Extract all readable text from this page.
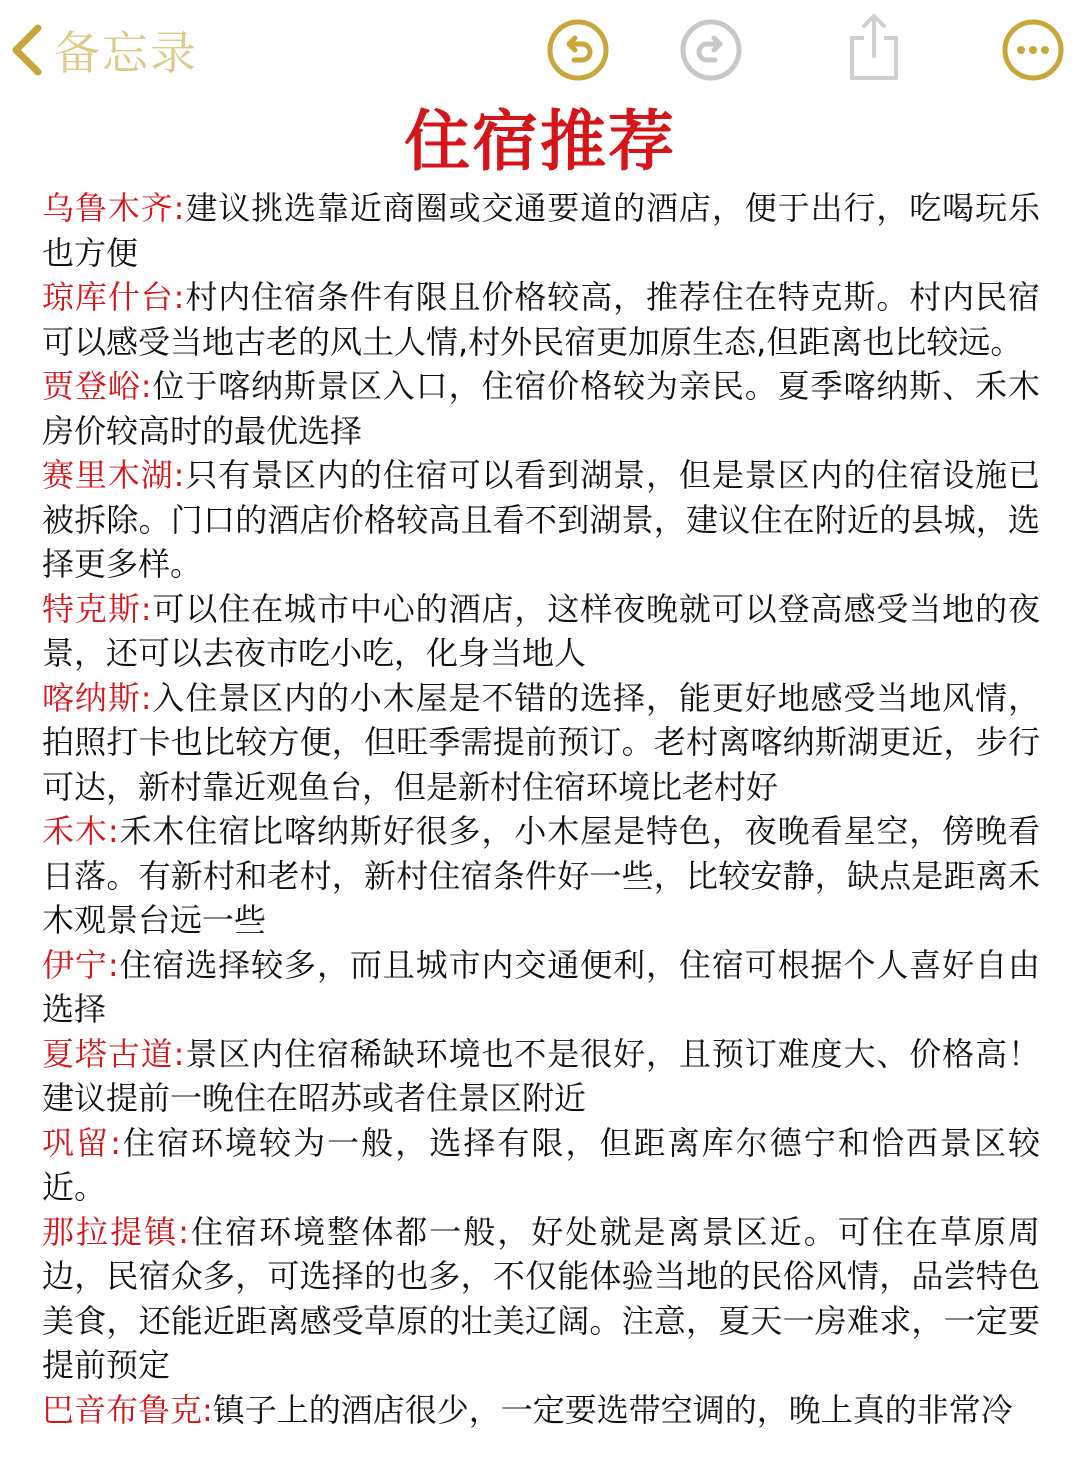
备忘录
住宿推荐

乌鲁木齐:建议挑选靠近商圈或交通要道的酒店，便于出行，吃喝玩乐也方便

琼库什台:村内住宿条件有限且价格较高，推荐住在特克斯。村内民宿可以感受当地古老的风土人情,村外民宿更加原生态,但距离也比较远。

贾登峪:位于喀纳斯景区入口，住宿价格较为亲民。夏季喀纳斯、禾木房价较高时的最优选择

赛里木湖:只有景区内的住宿可以看到湖景，但是景区内的住宿设施已被拆除。门口的酒店价格较高且看不到湖景，建议住在附近的县城，选择更多样。

特克斯:可以住在城市中心的酒店，这样夜晚就可以登高感受当地的夜景，还可以去夜市吃小吃，化身当地人

喀纳斯:入住景区内的小木屋是不错的选择，能更好地感受当地风情，拍照打卡也比较方便，但旺季需提前预订。老村离喀纳斯湖更近，步行可达，新村靠近观鱼台，但是新村住宿环境比老村好

禾木:禾木住宿比喀纳斯好很多，小木屋是特色，夜晚看星空，傍晚看日落。有新村和老村，新村住宿条件好一些，比较安静，缺点是距离禾木观景台远一些

伊宁:住宿选择较多，而且城市内交通便利，住宿可根据个人喜好自由选择

夏塔古道:景区内住宿稀缺环境也不是很好，且预订难度大、价格高！建议提前一晚住在昭苏或者住景区附近

巩留:住宿环境较为一般，选择有限，但距离库尔德宁和恰西景区较近。

那拉提镇:住宿环境整体都一般，好处就是离景区近。可住在草原周边，民宿众多，可选择的也多，不仅能体验当地的民俗风情，品尝特色美食，还能近距离感受草原的壮美辽阔。注意，夏天一房难求，一定要提前预定

巴音布鲁克:镇子上的酒店很少，一定要选带空调的，晚上真的非常冷
